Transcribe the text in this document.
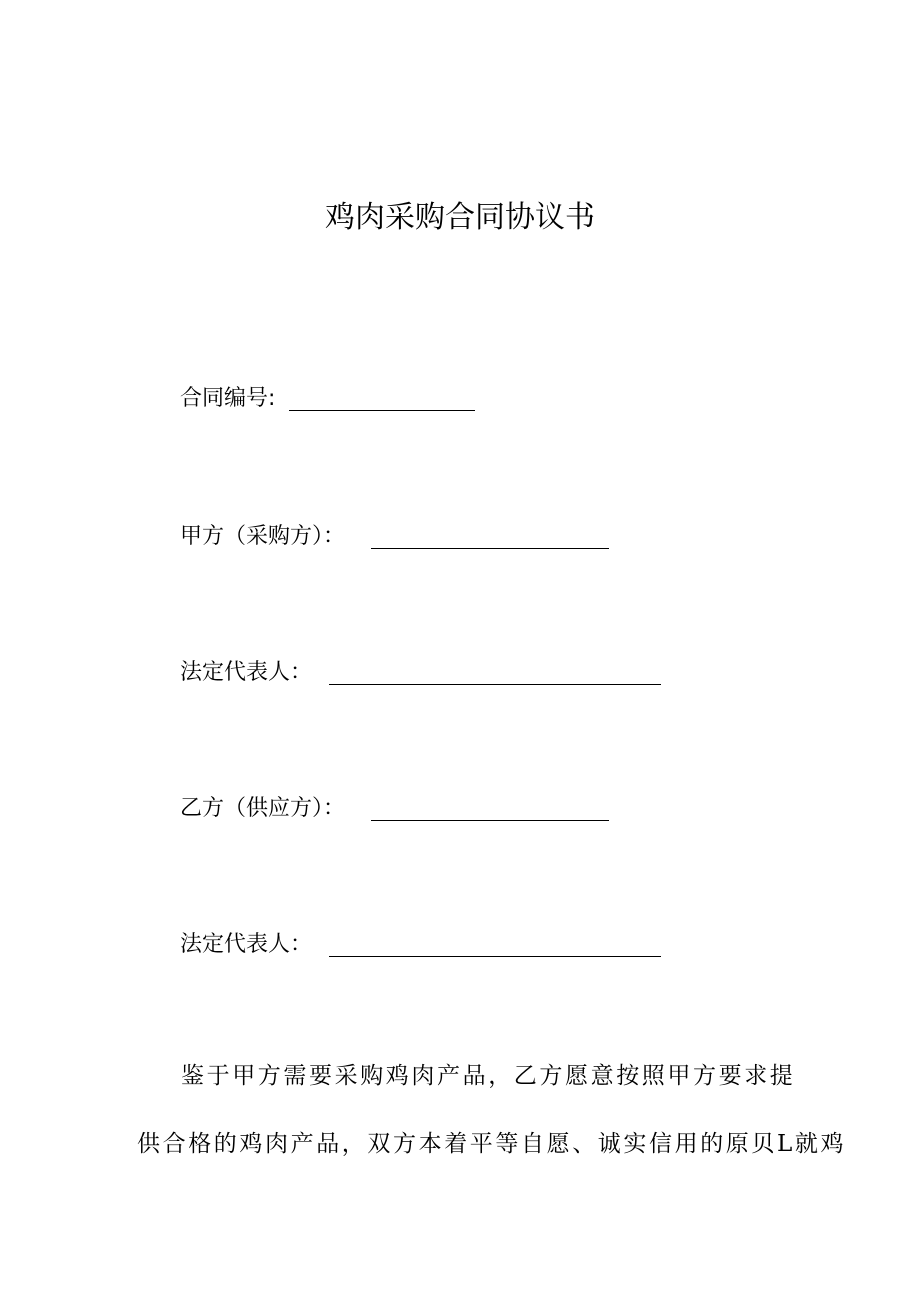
鸡肉采购合同协议书
合同编号:
甲方（采购方）：
法定代表人：
乙方（供应方）：
法定代表人：
鉴于甲方需要采购鸡肉产品，乙方愿意按照甲方要求提
供合格的鸡肉产品，双方本着平等自愿、诚实信用的原贝L就鸡
